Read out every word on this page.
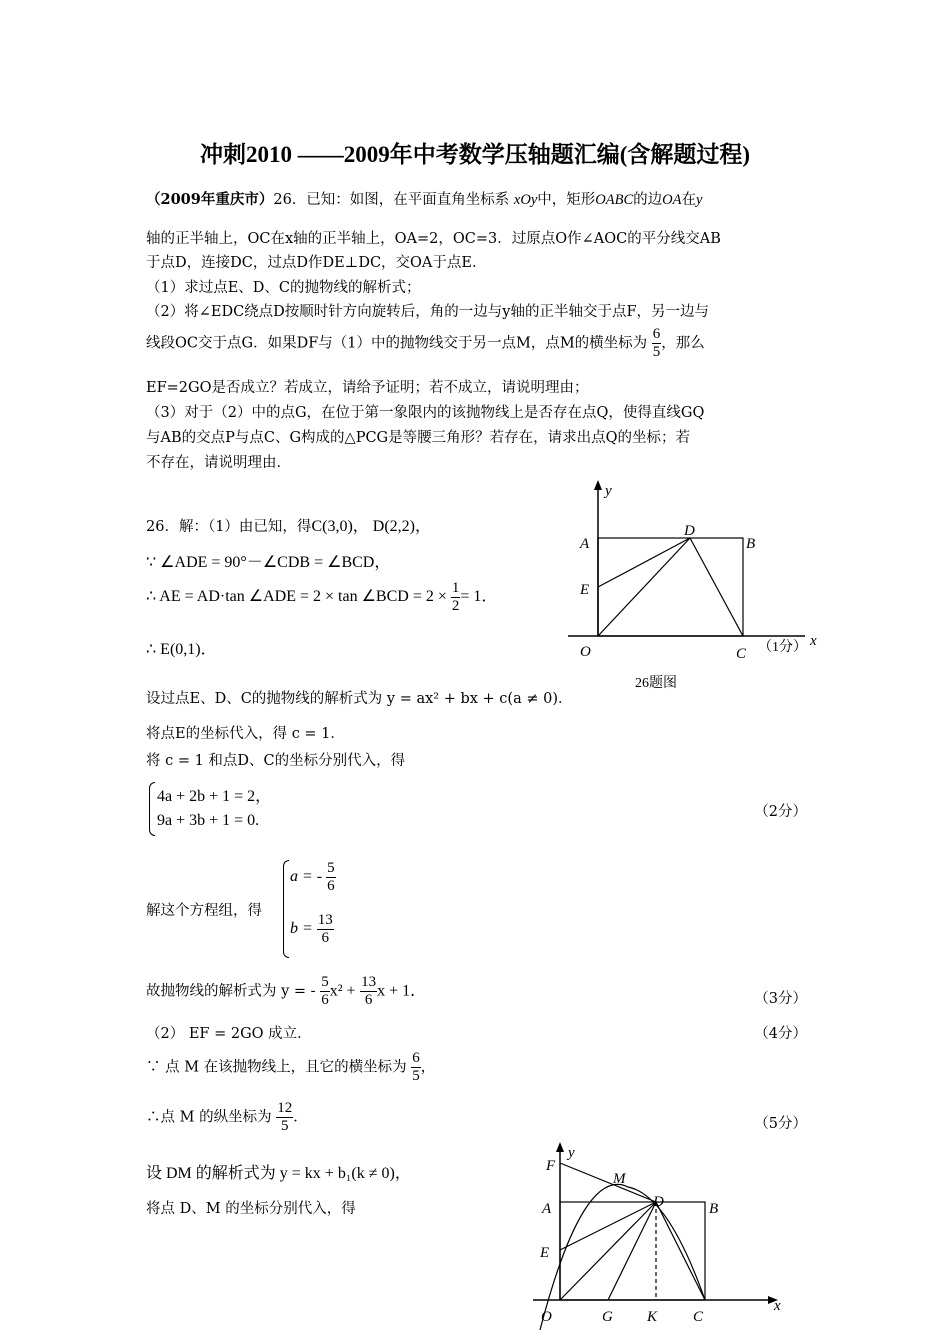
冲刺2010 ——2009年中考数学压轴题汇编(含解题过程)
（2009年重庆市）26．已知：如图，在平面直角坐标系 xOy中，矩形OABC的边OA在y
轴的正半轴上，OC在x轴的正半轴上，OA=2，OC=3．过原点O作∠AOC的平分线交AB
于点D，连接DC，过点D作DE⊥DC，交OA于点E．
（1）求过点E、D、C的抛物线的解析式；
（2）将∠EDC绕点D按顺时针方向旋转后，角的一边与y轴的正半轴交于点F，另一边与
线段OC交于点G．如果DF与（1）中的抛物线交于另一点M，点M的横坐标为 $\frac{6}{5}$ ，那么
EF=2GO是否成立？若成立，请给予证明；若不成立，请说明理由；
（3）对于（2）中的点G，在位于第一象限内的该抛物线上是否存在点Q，使得直线GQ
与AB的交点P与点C、G构成的△PCG是等腰三角形？若存在，请求出点Q的坐标；若
不存在，请说明理由．
y
x
A	B
D
E
O	C （1分）
26题图
26．解：（1）由已知，得C(3,0)， D(2,2)，
∵ ∠ADE = 90°－∠CDB = ∠BCD，
∴ AE = AD·tan ∠ADE = 2 × tan ∠BCD = $2 \times \frac{1}{2} = 1$．
∴ E(0,1)．
设过点E、D、C的抛物线的解析式为 y = ax² + bx + c(a ≠ 0)．
将点E的坐标代入，得 c = 1．
将 c = 1 和点D、C的坐标分别代入，得
4a + 2b + 1 = 2，
9a + 3b + 1 = 0.	（2分）
解这个方程组，得
a = - $\frac{5}{6}$
$b = \frac{13}{6}$
故抛物线的解析式为 y = - $\frac{5}{6} x^2 + \frac{13}{6}$ x + 1．	（3分）
（2） EF = 2GO 成立．	（4分）
∵ 点 M 在该抛物线上，且它的横坐标为 $\frac{6}{5}$ ，
∴点 M 的纵坐标为 $\frac{12}{5}$ ．	（5分）
设 DM 的解析式为 y = kx + b₁(k ≠ 0)，
将点 D、M 的坐标分别代入，得
y
x
F
M
A	D	B
E
O	G K C
